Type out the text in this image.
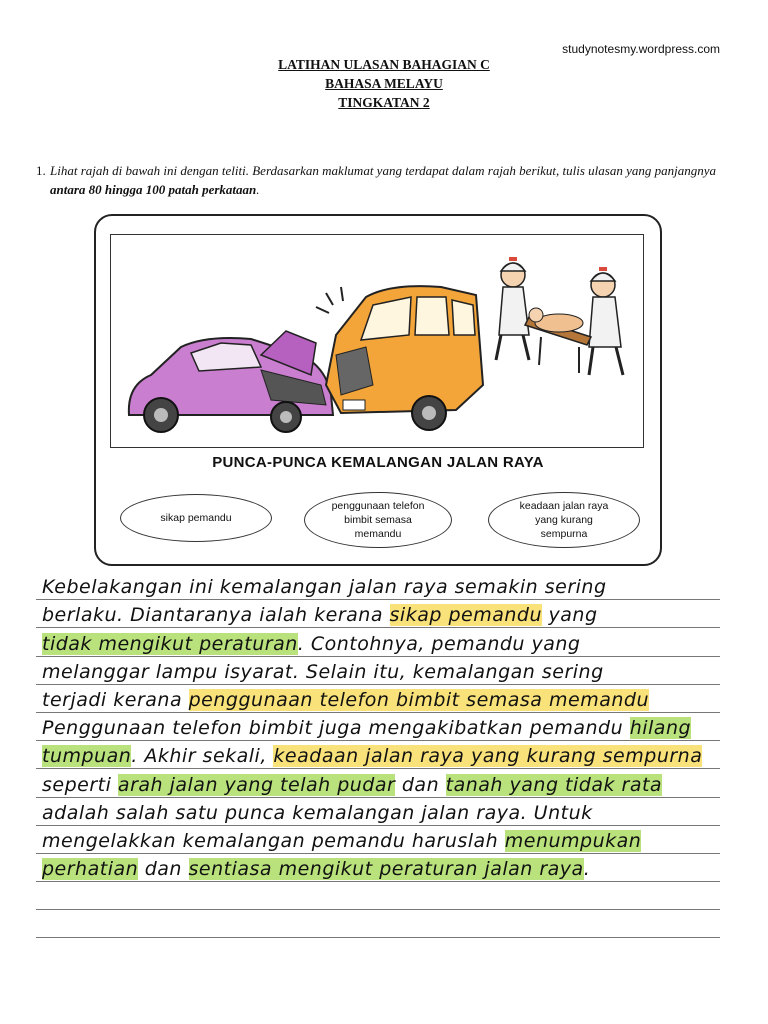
studynotesmy.wordpress.com
LATIHAN ULASAN BAHAGIAN C
BAHASA MELAYU
TINGKATAN 2
1. Lihat rajah di bawah ini dengan teliti. Berdasarkan maklumat yang terdapat dalam rajah berikut, tulis ulasan yang panjangnya antara 80 hingga 100 patah perkataan.
PUNCA-PUNCA KEMALANGAN JALAN RAYA
sikap pemandu
penggunaan telefon
bimbit semasa
memandu
keadaan jalan raya
yang kurang
sempurna
Kebelakangan ini kemalangan jalan raya semakin sering
berlaku. Diantaranya ialah kerana sikap pemandu yang
tidak mengikut peraturan. Contohnya, pemandu yang
melanggar lampu isyarat. Selain itu, kemalangan sering
terjadi kerana penggunaan telefon bimbit semasa memandu
Penggunaan telefon bimbit juga mengakibatkan pemandu hilang
tumpuan. Akhir sekali, keadaan jalan raya yang kurang sempurna
seperti arah jalan yang telah pudar dan tanah yang tidak rata
adalah salah satu punca kemalangan jalan raya. Untuk
mengelakkan kemalangan pemandu haruslah menumpukan
perhatian dan sentiasa mengikut peraturan jalan raya.
